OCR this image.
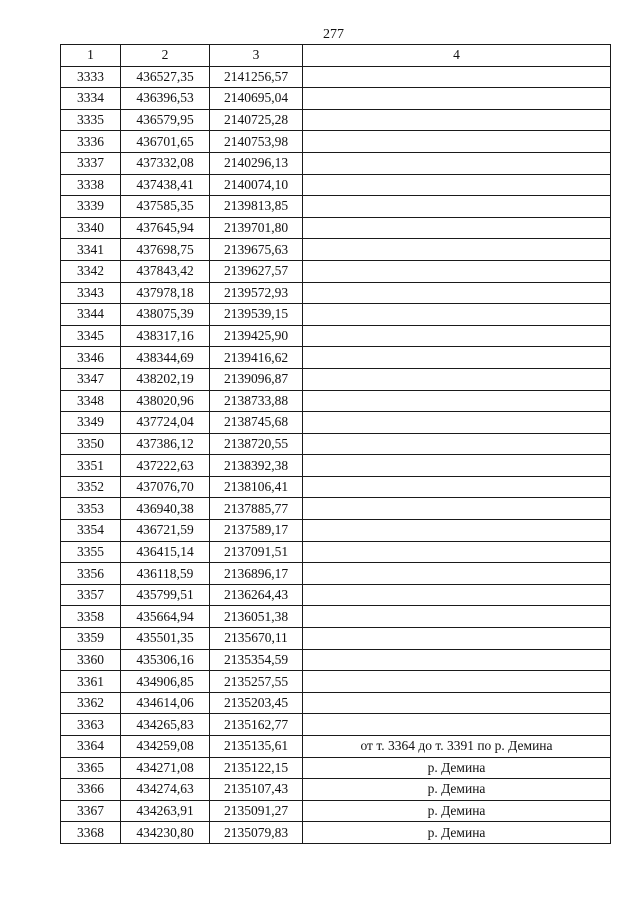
277
1	2	3	4
3333	436527,35	2141256,57	
3334	436396,53	2140695,04	
3335	436579,95	2140725,28	
3336	436701,65	2140753,98	
3337	437332,08	2140296,13	
3338	437438,41	2140074,10	
3339	437585,35	2139813,85	
3340	437645,94	2139701,80	
3341	437698,75	2139675,63	
3342	437843,42	2139627,57	
3343	437978,18	2139572,93	
3344	438075,39	2139539,15	
3345	438317,16	2139425,90	
3346	438344,69	2139416,62	
3347	438202,19	2139096,87	
3348	438020,96	2138733,88	
3349	437724,04	2138745,68	
3350	437386,12	2138720,55	
3351	437222,63	2138392,38	
3352	437076,70	2138106,41	
3353	436940,38	2137885,77	
3354	436721,59	2137589,17	
3355	436415,14	2137091,51	
3356	436118,59	2136896,17	
3357	435799,51	2136264,43	
3358	435664,94	2136051,38	
3359	435501,35	2135670,11	
3360	435306,16	2135354,59	
3361	434906,85	2135257,55	
3362	434614,06	2135203,45	
3363	434265,83	2135162,77	
3364	434259,08	2135135,61	от т. 3364 до т. 3391 по р. Демина
3365	434271,08	2135122,15	р. Демина
3366	434274,63	2135107,43	р. Демина
3367	434263,91	2135091,27	р. Демина
3368	434230,80	2135079,83	р. Демина
